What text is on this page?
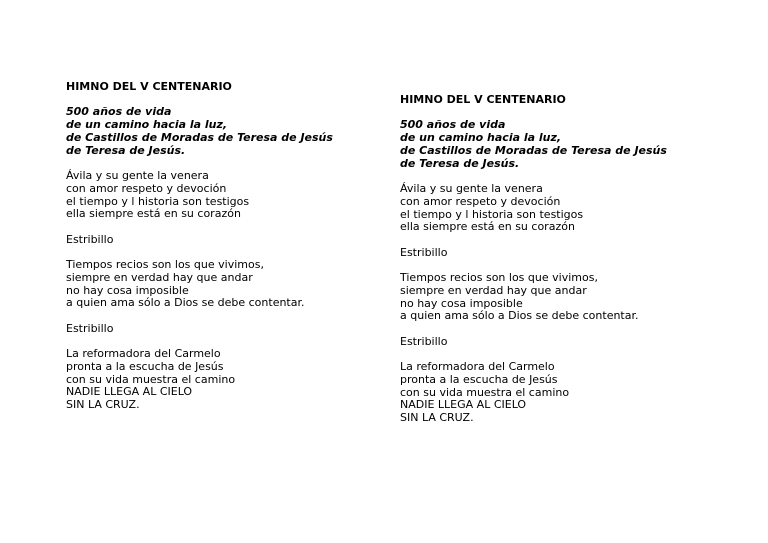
HIMNO DEL V CENTENARIO
500 años de vida
de un camino hacia la luz,
de Castillos de Moradas de Teresa de Jesús
de Teresa de Jesús.
Ávila y su gente la venera
con amor respeto y devoción
el tiempo y l historia son testigos
ella siempre está en su corazón
Estribillo
Tiempos recios son los que vivimos,
siempre en verdad hay que andar
no hay cosa imposible
a quien ama sólo a Dios se debe contentar.
Estribillo
La reformadora del Carmelo
pronta a la escucha de Jesús
con su vida muestra el camino
NADIE LLEGA AL CIELO
SIN LA CRUZ.
HIMNO DEL V CENTENARIO
500 años de vida
de un camino hacia la luz,
de Castillos de Moradas de Teresa de Jesús
de Teresa de Jesús.
Ávila y su gente la venera
con amor respeto y devoción
el tiempo y l historia son testigos
ella siempre está en su corazón
Estribillo
Tiempos recios son los que vivimos,
siempre en verdad hay que andar
no hay cosa imposible
a quien ama sólo a Dios se debe contentar.
Estribillo
La reformadora del Carmelo
pronta a la escucha de Jesús
con su vida muestra el camino
NADIE LLEGA AL CIELO
SIN LA CRUZ.
